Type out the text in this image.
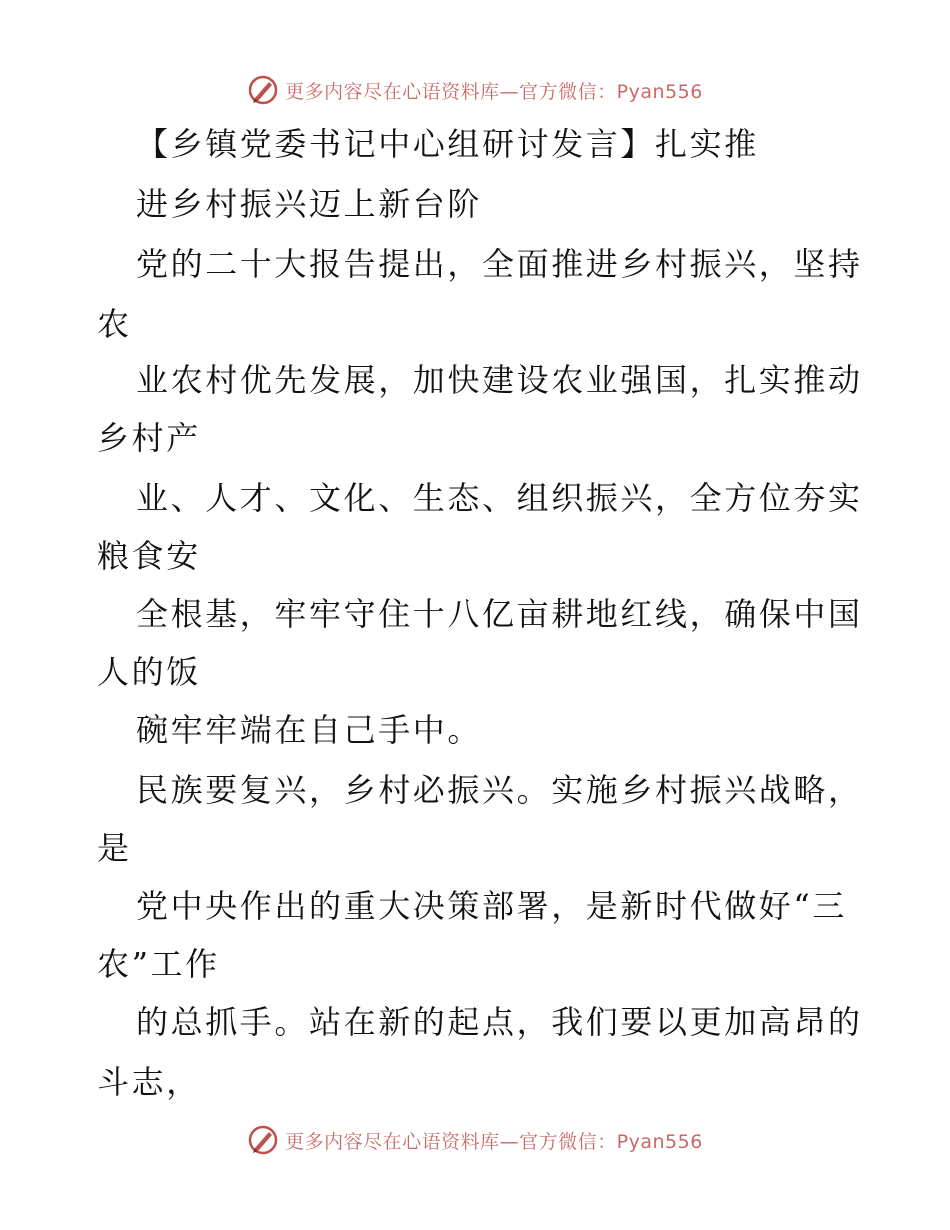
更多内容尽在心语资料库—官方微信：Pyan556
【乡镇党委书记中心组研讨发言】扎实推
进乡村振兴迈上新台阶
党的二十大报告提出，全面推进乡村振兴，坚持
农
业农村优先发展，加快建设农业强国，扎实推动
乡村产
业、人才、文化、生态、组织振兴，全方位夯实
粮食安
全根基，牢牢守住十八亿亩耕地红线，确保中国
人的饭
碗牢牢端在自己手中。
民族要复兴，乡村必振兴。实施乡村振兴战略，
是
党中央作出的重大决策部署，是新时代做好“三
农”工作
的总抓手。站在新的起点，我们要以更加高昂的
斗志，
更多内容尽在心语资料库—官方微信：Pyan556
